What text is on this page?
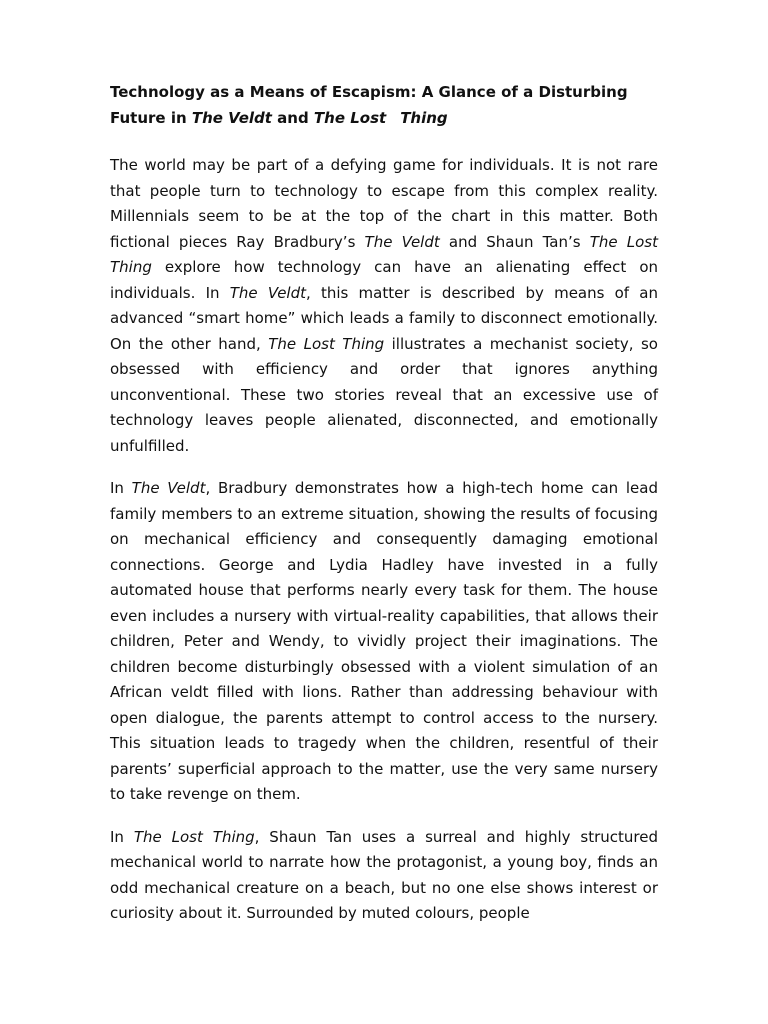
Technology as a Means of Escapism: A Glance of a Disturbing Future in The Veldt and The Lost Thing

The world may be part of a defying game for individuals. It is not rare that people turn to technology to escape from this complex reality. Millennials seem to be at the top of the chart in this matter. Both fictional pieces Ray Bradbury’s The Veldt and Shaun Tan’s The Lost Thing explore how technology can have an alienating effect on individuals. In The Veldt, this matter is described by means of an advanced “smart home” which leads a family to disconnect emotionally. On the other hand, The Lost Thing illustrates a mechanist society, so obsessed with efficiency and order that ignores anything unconventional. These two stories reveal that an excessive use of technology leaves people alienated, disconnected, and emotionally unfulfilled.

In The Veldt, Bradbury demonstrates how a high-tech home can lead family members to an extreme situation, showing the results of focusing on mechanical efficiency and consequently damaging emotional connections. George and Lydia Hadley have invested in a fully automated house that performs nearly every task for them. The house even includes a nursery with virtual-reality capabilities, that allows their children, Peter and Wendy, to vividly project their imaginations. The children become disturbingly obsessed with a violent simulation of an African veldt filled with lions. Rather than addressing behaviour with open dialogue, the parents attempt to control access to the nursery. This situation leads to tragedy when the children, resentful of their parents’ superficial approach to the matter, use the very same nursery to take revenge on them.

In The Lost Thing, Shaun Tan uses a surreal and highly structured mechanical world to narrate how the protagonist, a young boy, finds an odd mechanical creature on a beach, but no one else shows interest or curiosity about it. Surrounded by muted colours, people
